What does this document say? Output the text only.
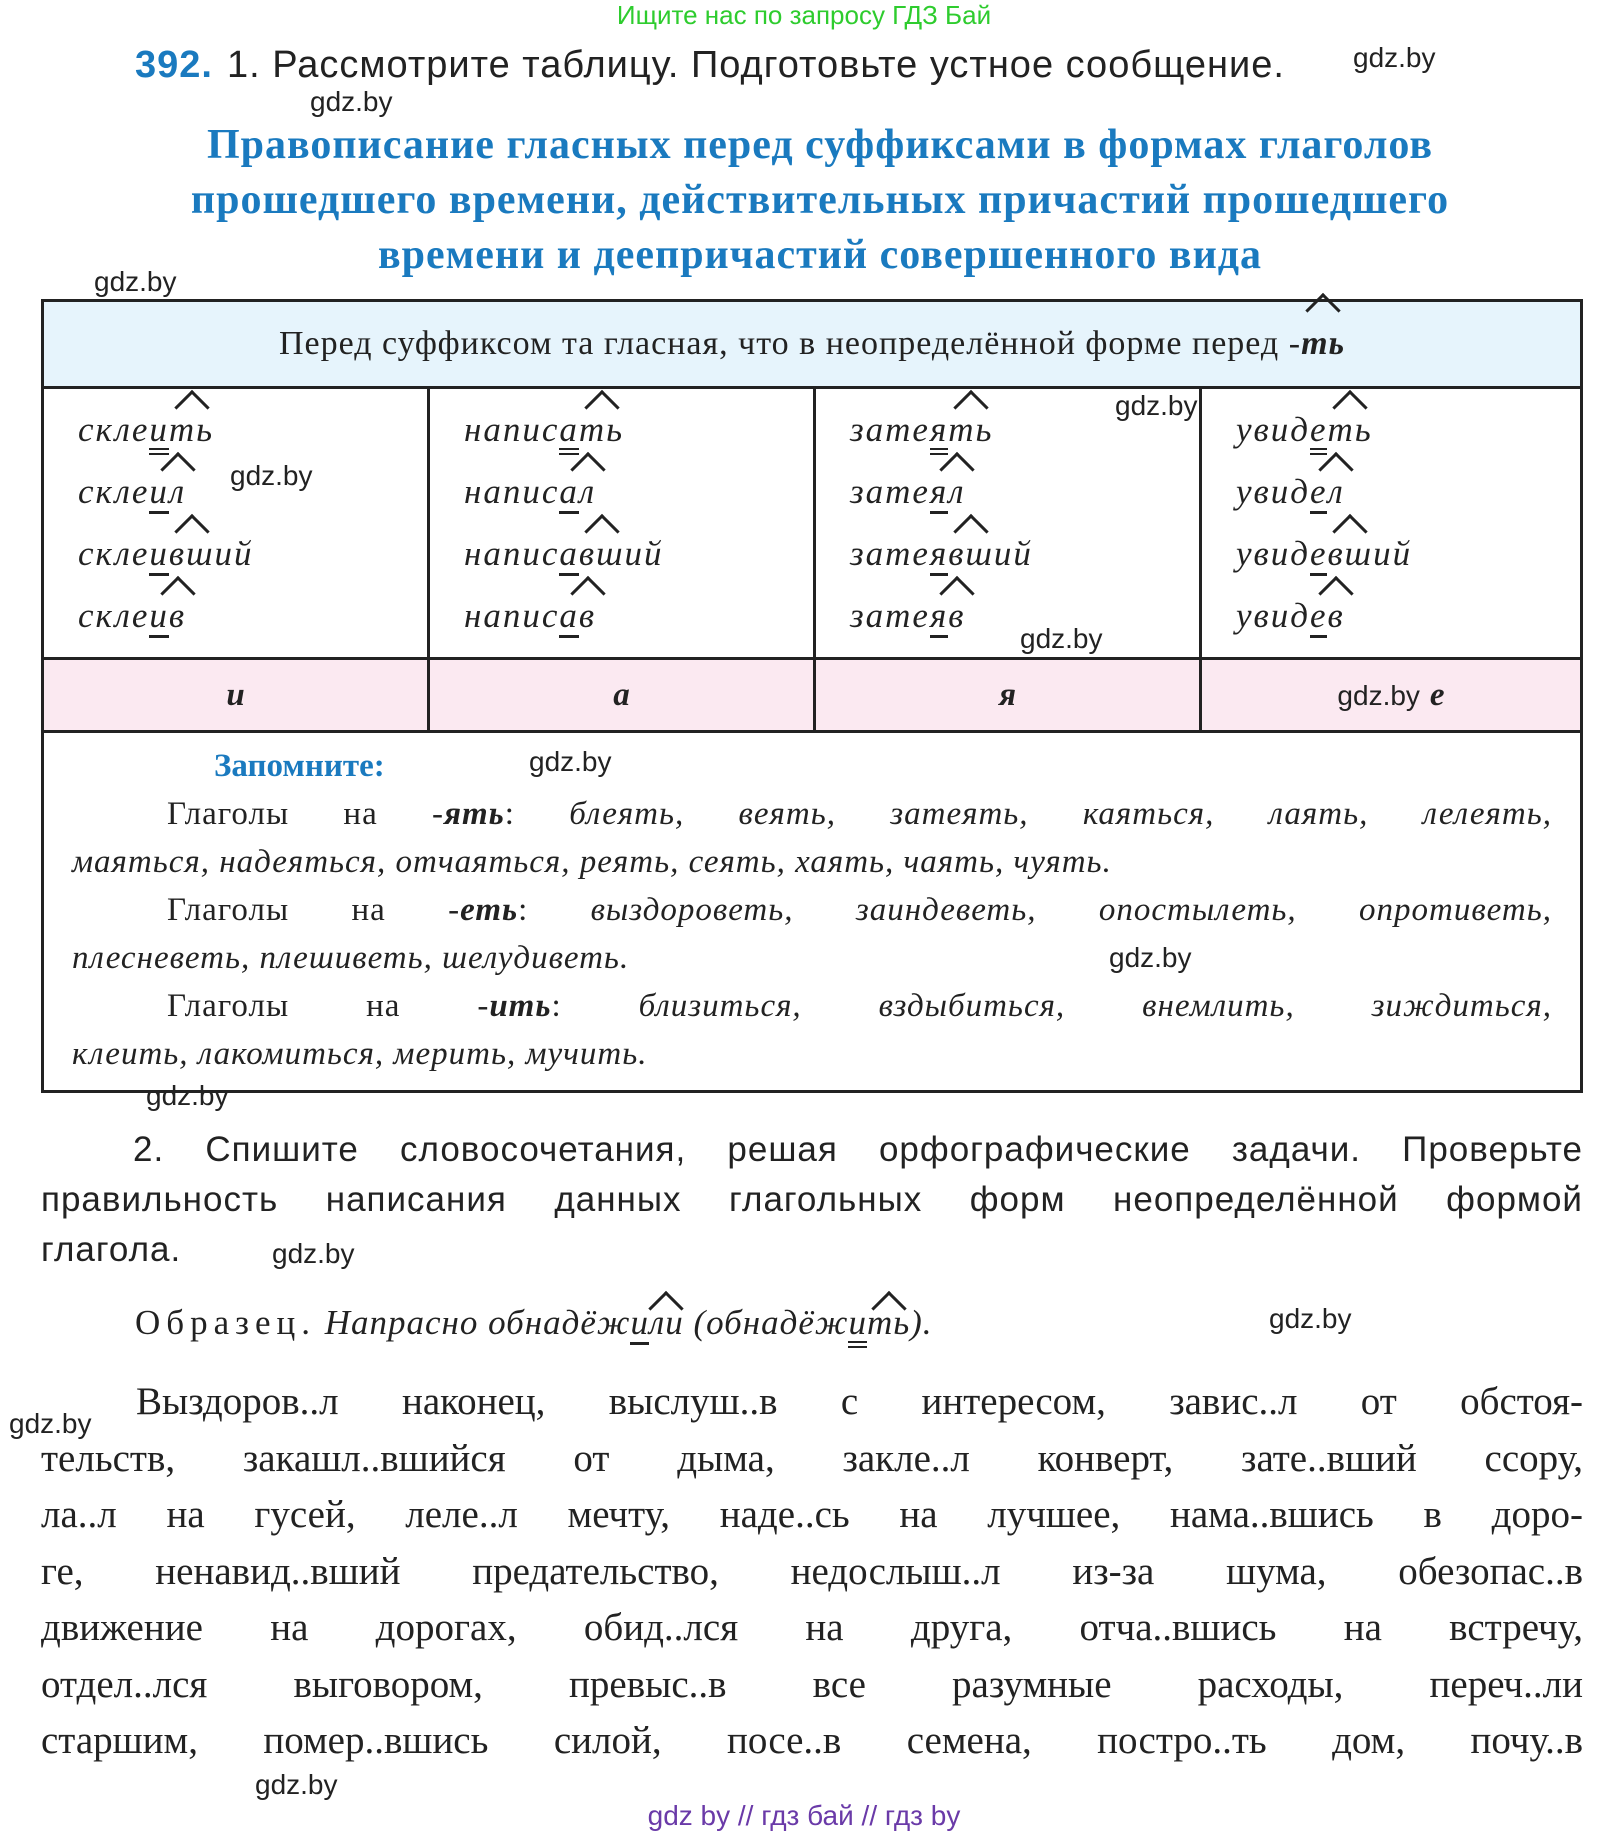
Ищите нас по запросу ГДЗ Бай
392. 1. Рассмотрите таблицу. Подготовьте устное сообщение.
Правописание гласных перед суффиксами в формах глаголов
прошедшего времени, действительных причастий прошедшего
времени и деепричастий совершенного вида
Перед суффиксом та гласная, что в неопределённой форме перед -ть
склeить
склeил
склeивший
склeив
и
написать
написал
написавший
написав
а
затеять
затеял
затеявший
затеяв
я
увидеть
увидел
увидевший
увидев
gdz.by е
Запомните:
Глаголы на -ять: блеять, веять, затеять, каяться, лаять, лелеять,
маяться, надеяться, отчаяться, реять, сеять, хаять, чаять, чуять.
Глаголы на -еть: выздороветь, заиндеветь, опостылеть, опротиветь,
плесневеть, плешиветь, шелудиветь.
Глаголы на -ить: близиться, вздыбиться, внемлить, зиждиться,
клеить, лакомиться, мерить, мучить.
2. Спишите словосочетания, решая орфографические задачи. Проверьте
правильность написания данных глагольных форм неопределённой формой
глагола.
Образец. Напрасно обнадёжили (обнадёжить).
Выздоров..л наконец, выслуш..в с интересом, завис..л от обстоя-
тельств, закашл..вшийся от дыма, закле..л конверт, зате..вший ссору,
ла..л на гусей, леле..л мечту, наде..сь на лучшее, нама..вшись в доро-
ге, ненавид..вший предательство, недослыш..л из-за шума, обезопас..в
движение на дорогах, обид..лся на друга, отча..вшись на встречу,
отдел..лся выговором, превыс..в все разумные расходы, переч..ли
старшим, помер..вшись силой, посе..в семена, постро..ть дом, почу..в
gdz.by
gdz.by
gdz.by
gdz.by
gdz.by
gdz.by
gdz.by
gdz.by
gdz.by
gdz.by
gdz.by
gdz.by
gdz.by
gdz by // гдз бай // гдз by
